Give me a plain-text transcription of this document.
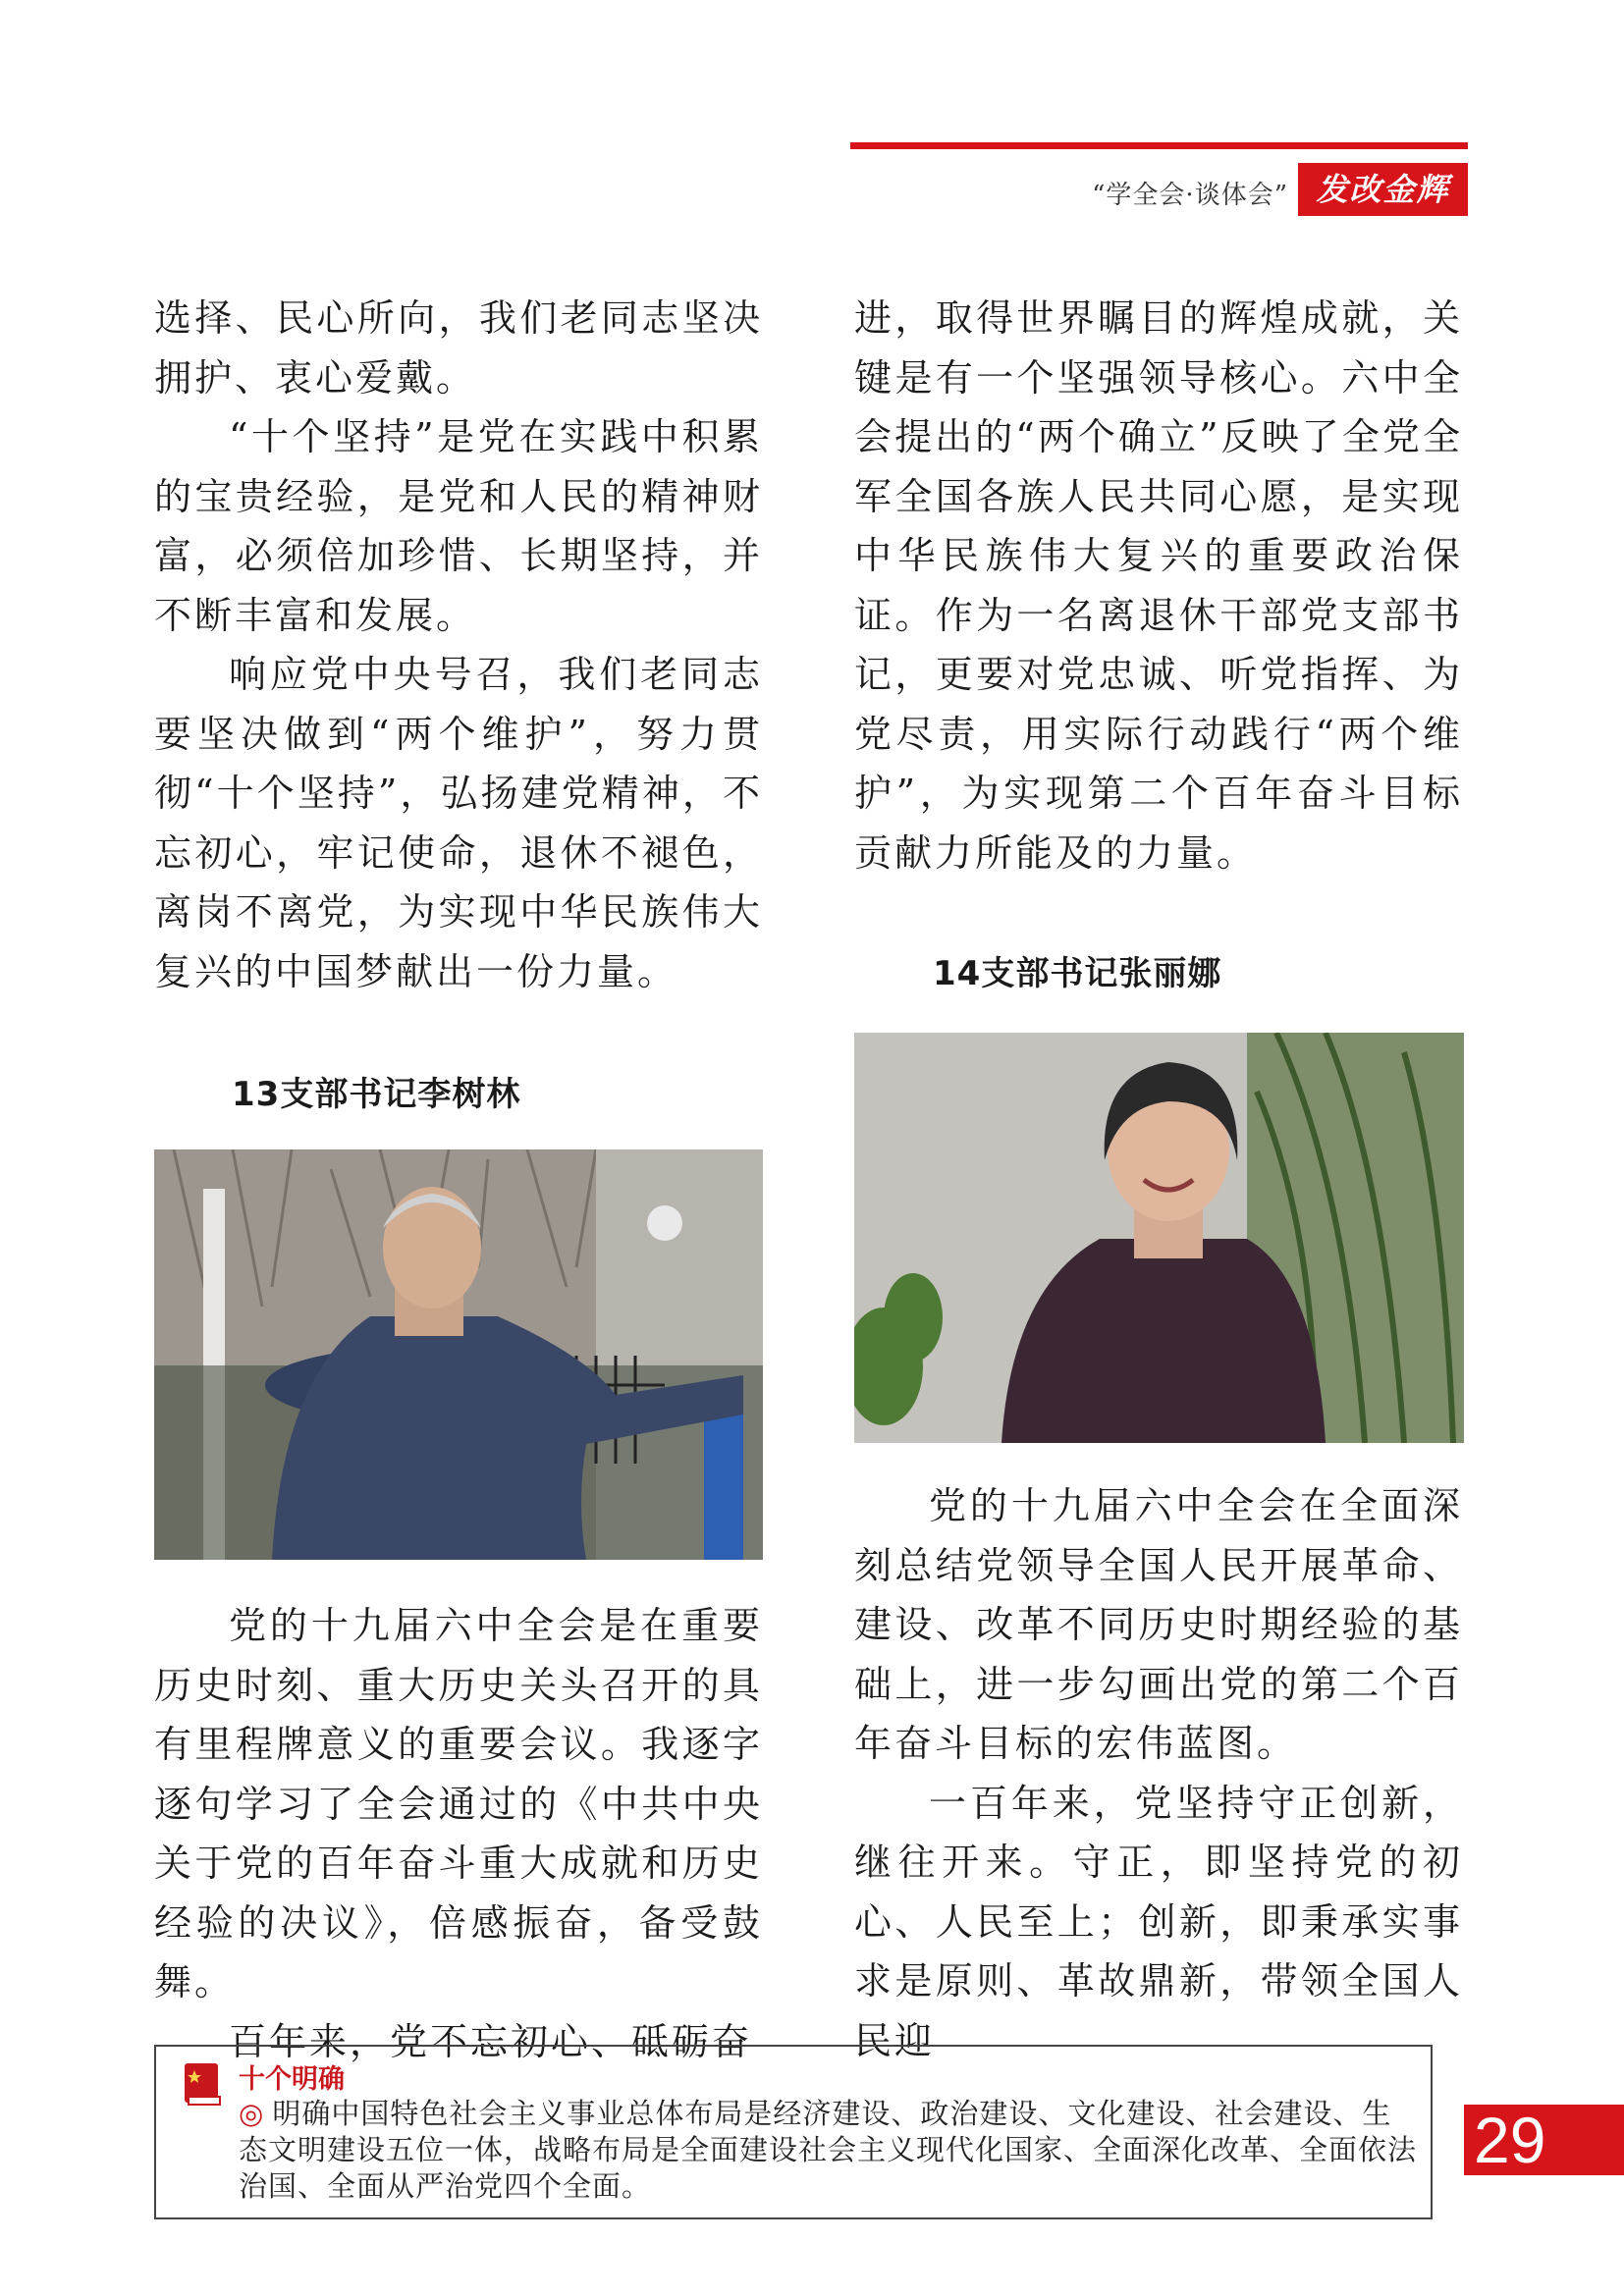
“学全会·谈体会” 发改金辉

选择、民心所向，我们老同志坚决拥护、衷心爱戴。

“十个坚持”是党在实践中积累的宝贵经验，是党和人民的精神财富，必须倍加珍惜、长期坚持，并不断丰富和发展。

响应党中央号召，我们老同志要坚决做到“两个维护”，努力贯彻“十个坚持”，弘扬建党精神，不忘初心，牢记使命，退休不褪色，离岗不离党，为实现中华民族伟大复兴的中国梦献出一份力量。

13支部书记李树林

党的十九届六中全会是在重要历史时刻、重大历史关头召开的具有里程牌意义的重要会议。我逐字逐句学习了全会通过的《中共中央关于党的百年奋斗重大成就和历史经验的决议》，倍感振奋，备受鼓舞。

百年来，党不忘初心、砥砺奋

进，取得世界瞩目的辉煌成就，关键是有一个坚强领导核心。六中全会提出的“两个确立”反映了全党全军全国各族人民共同心愿，是实现中华民族伟大复兴的重要政治保证。作为一名离退休干部党支部书记，更要对党忠诚、听党指挥、为党尽责，用实际行动践行“两个维护”，为实现第二个百年奋斗目标贡献力所能及的力量。

14支部书记张丽娜

党的十九届六中全会在全面深刻总结党领导全国人民开展革命、建设、改革不同历史时期经验的基础上，进一步勾画出党的第二个百年奋斗目标的宏伟蓝图。

一百年来，党坚持守正创新，继往开来。守正，即坚持党的初心、人民至上；创新，即秉承实事求是原则、革故鼎新，带领全国人民迎

十个明确
◎ 明确中国特色社会主义事业总体布局是经济建设、政治建设、文化建设、社会建设、生态文明建设五位一体，战略布局是全面建设社会主义现代化国家、全面深化改革、全面依法治国、全面从严治党四个全面。
29
